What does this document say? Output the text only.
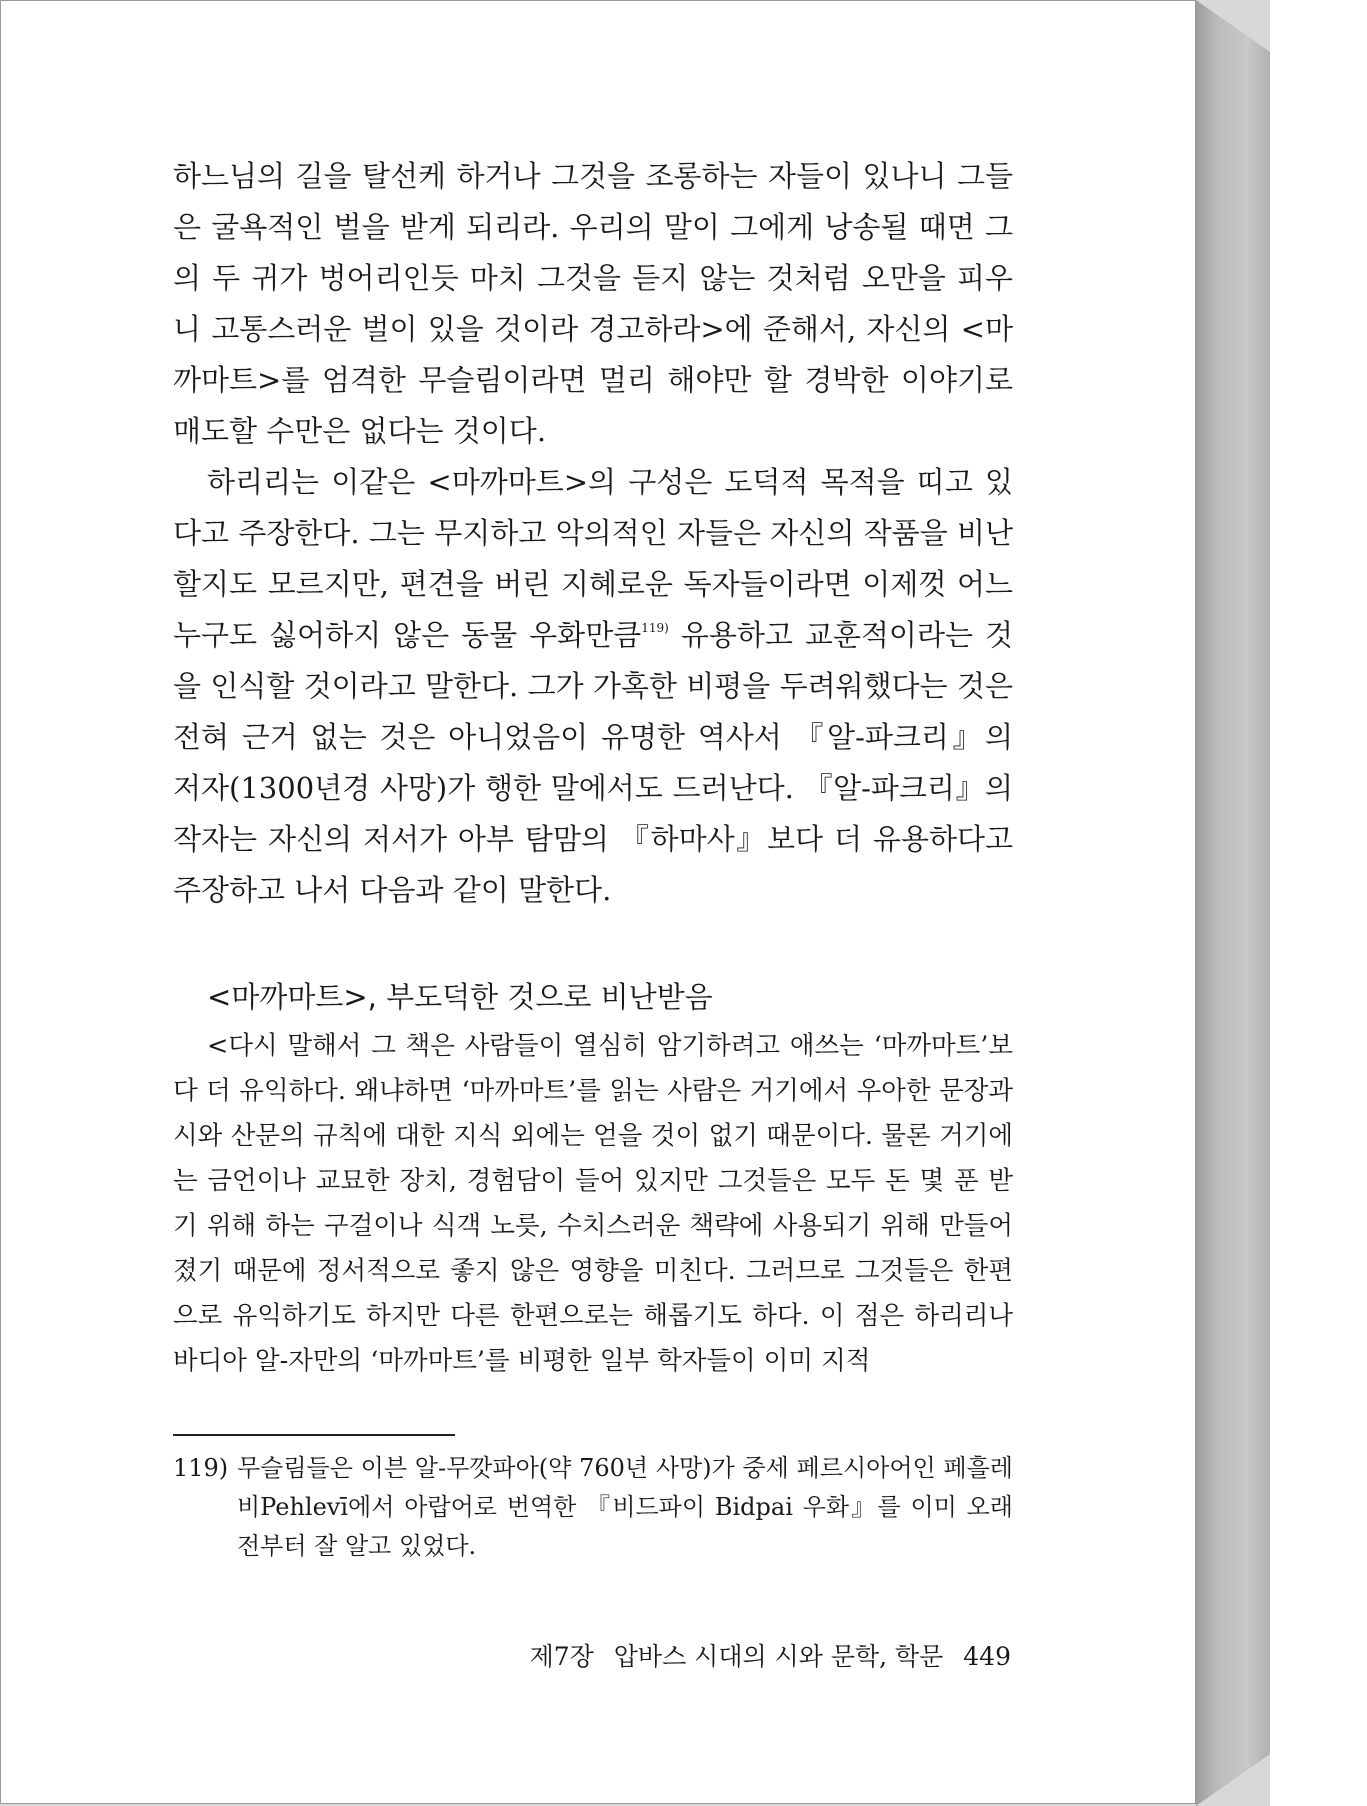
하느님의 길을 탈선케 하거나 그것을 조롱하는 자들이 있나니 그들은 굴욕적인 벌을 받게 되리라. 우리의 말이 그에게 낭송될 때면 그의 두 귀가 벙어리인듯 마치 그것을 듣지 않는 것처럼 오만을 피우니 고통스러운 벌이 있을 것이라 경고하라>에 준해서, 자신의 <마까마트>를 엄격한 무슬림이라면 멀리 해야만 할 경박한 이야기로 매도할 수만은 없다는 것이다.

하리리는 이같은 <마까마트>의 구성은 도덕적 목적을 띠고 있다고 주장한다. 그는 무지하고 악의적인 자들은 자신의 작품을 비난할지도 모르지만, 편견을 버린 지혜로운 독자들이라면 이제껏 어느 누구도 싫어하지 않은 동물 우화만큼$^{119)}$ 유용하고 교훈적이라는 것을 인식할 것이라고 말한다. 그가 가혹한 비평을 두려워했다는 것은 전혀 근거 없는 것은 아니었음이 유명한 역사서 『알-파크리』의 저자(1300년경 사망)가 행한 말에서도 드러난다. 『알-파크리』의 작자는 자신의 저서가 아부 탐맘의 『하마사』보다 더 유용하다고 주장하고 나서 다음과 같이 말한다.

<마까마트>, 부도덕한 것으로 비난받음

<다시 말해서 그 책은 사람들이 열심히 암기하려고 애쓰는 ‘마까마트’보다 더 유익하다. 왜냐하면 ‘마까마트’를 읽는 사람은 거기에서 우아한 문장과 시와 산문의 규칙에 대한 지식 외에는 얻을 것이 없기 때문이다. 물론 거기에는 금언이나 교묘한 장치, 경험담이 들어 있지만 그것들은 모두 돈 몇 푼 받기 위해 하는 구걸이나 식객 노릇, 수치스러운 책략에 사용되기 위해 만들어졌기 때문에 정서적으로 좋지 않은 영향을 미친다. 그러므로 그것들은 한편으로 유익하기도 하지만 다른 한편으로는 해롭기도 하다. 이 점은 하리리나 바디아 알-자만의 ‘마까마트’를 비평한 일부 학자들이 이미 지적

119) 무슬림들은 이븐 알-무깟파아(약 760년 사망)가 중세 페르시아어인 페흘레비Pehlevī에서 아랍어로 번역한 『비드파이 Bidpai 우화』를 이미 오래 전부터 잘 알고 있었다.
제7장 압바스 시대의 시와 문학, 학문 449
